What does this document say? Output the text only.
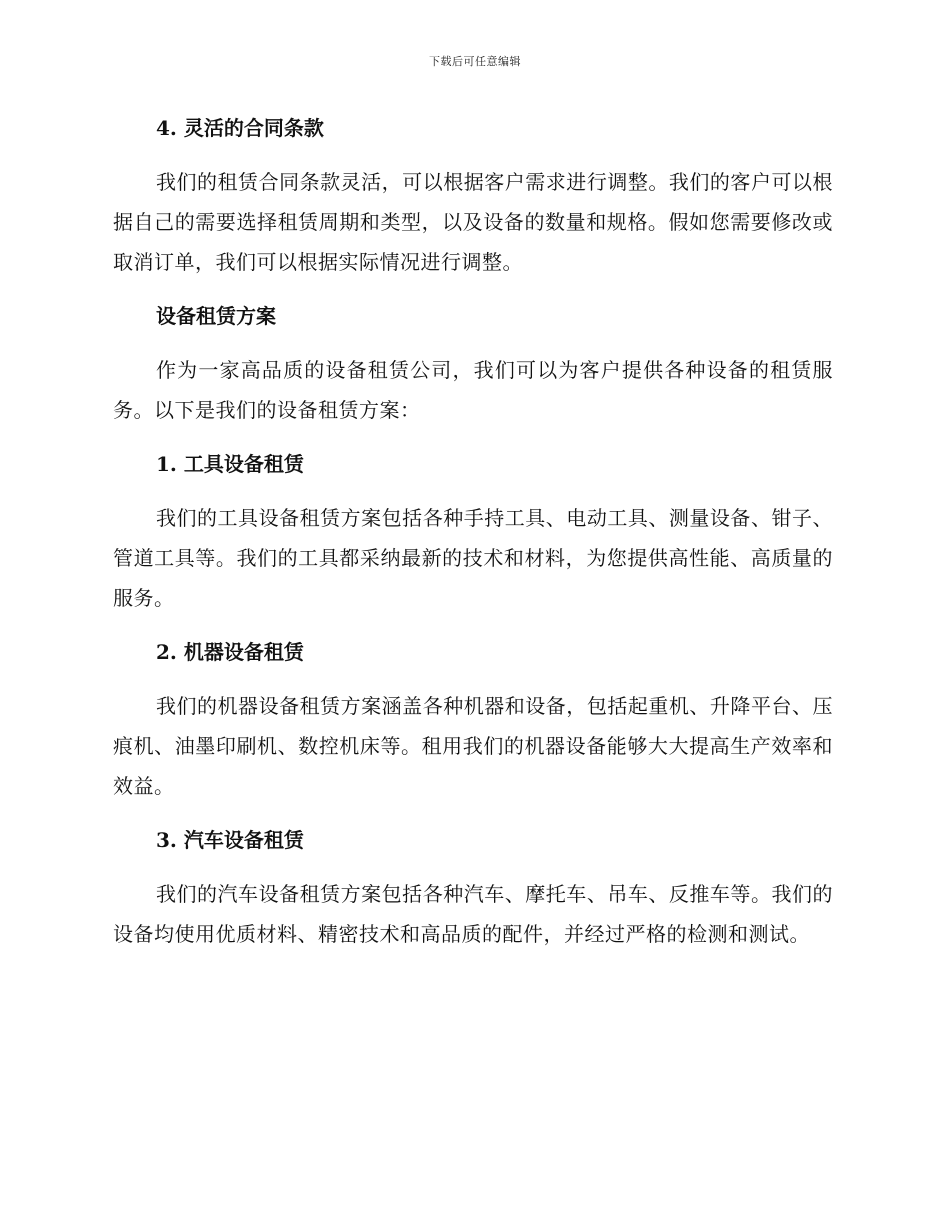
下载后可任意编辑
4. 灵活的合同条款

我们的租赁合同条款灵活，可以根据客户需求进行调整。我们的客户可以根据自己的需要选择租赁周期和类型，以及设备的数量和规格。假如您需要修改或取消订单，我们可以根据实际情况进行调整。

设备租赁方案

作为一家高品质的设备租赁公司，我们可以为客户提供各种设备的租赁服务。以下是我们的设备租赁方案：

1. 工具设备租赁

我们的工具设备租赁方案包括各种手持工具、电动工具、测量设备、钳子、管道工具等。我们的工具都采纳最新的技术和材料，为您提供高性能、高质量的服务。

2. 机器设备租赁

我们的机器设备租赁方案涵盖各种机器和设备，包括起重机、升降平台、压痕机、油墨印刷机、数控机床等。租用我们的机器设备能够大大提高生产效率和效益。

3. 汽车设备租赁

我们的汽车设备租赁方案包括各种汽车、摩托车、吊车、反推车等。我们的设备均使用优质材料、精密技术和高品质的配件，并经过严格的检测和测试。
